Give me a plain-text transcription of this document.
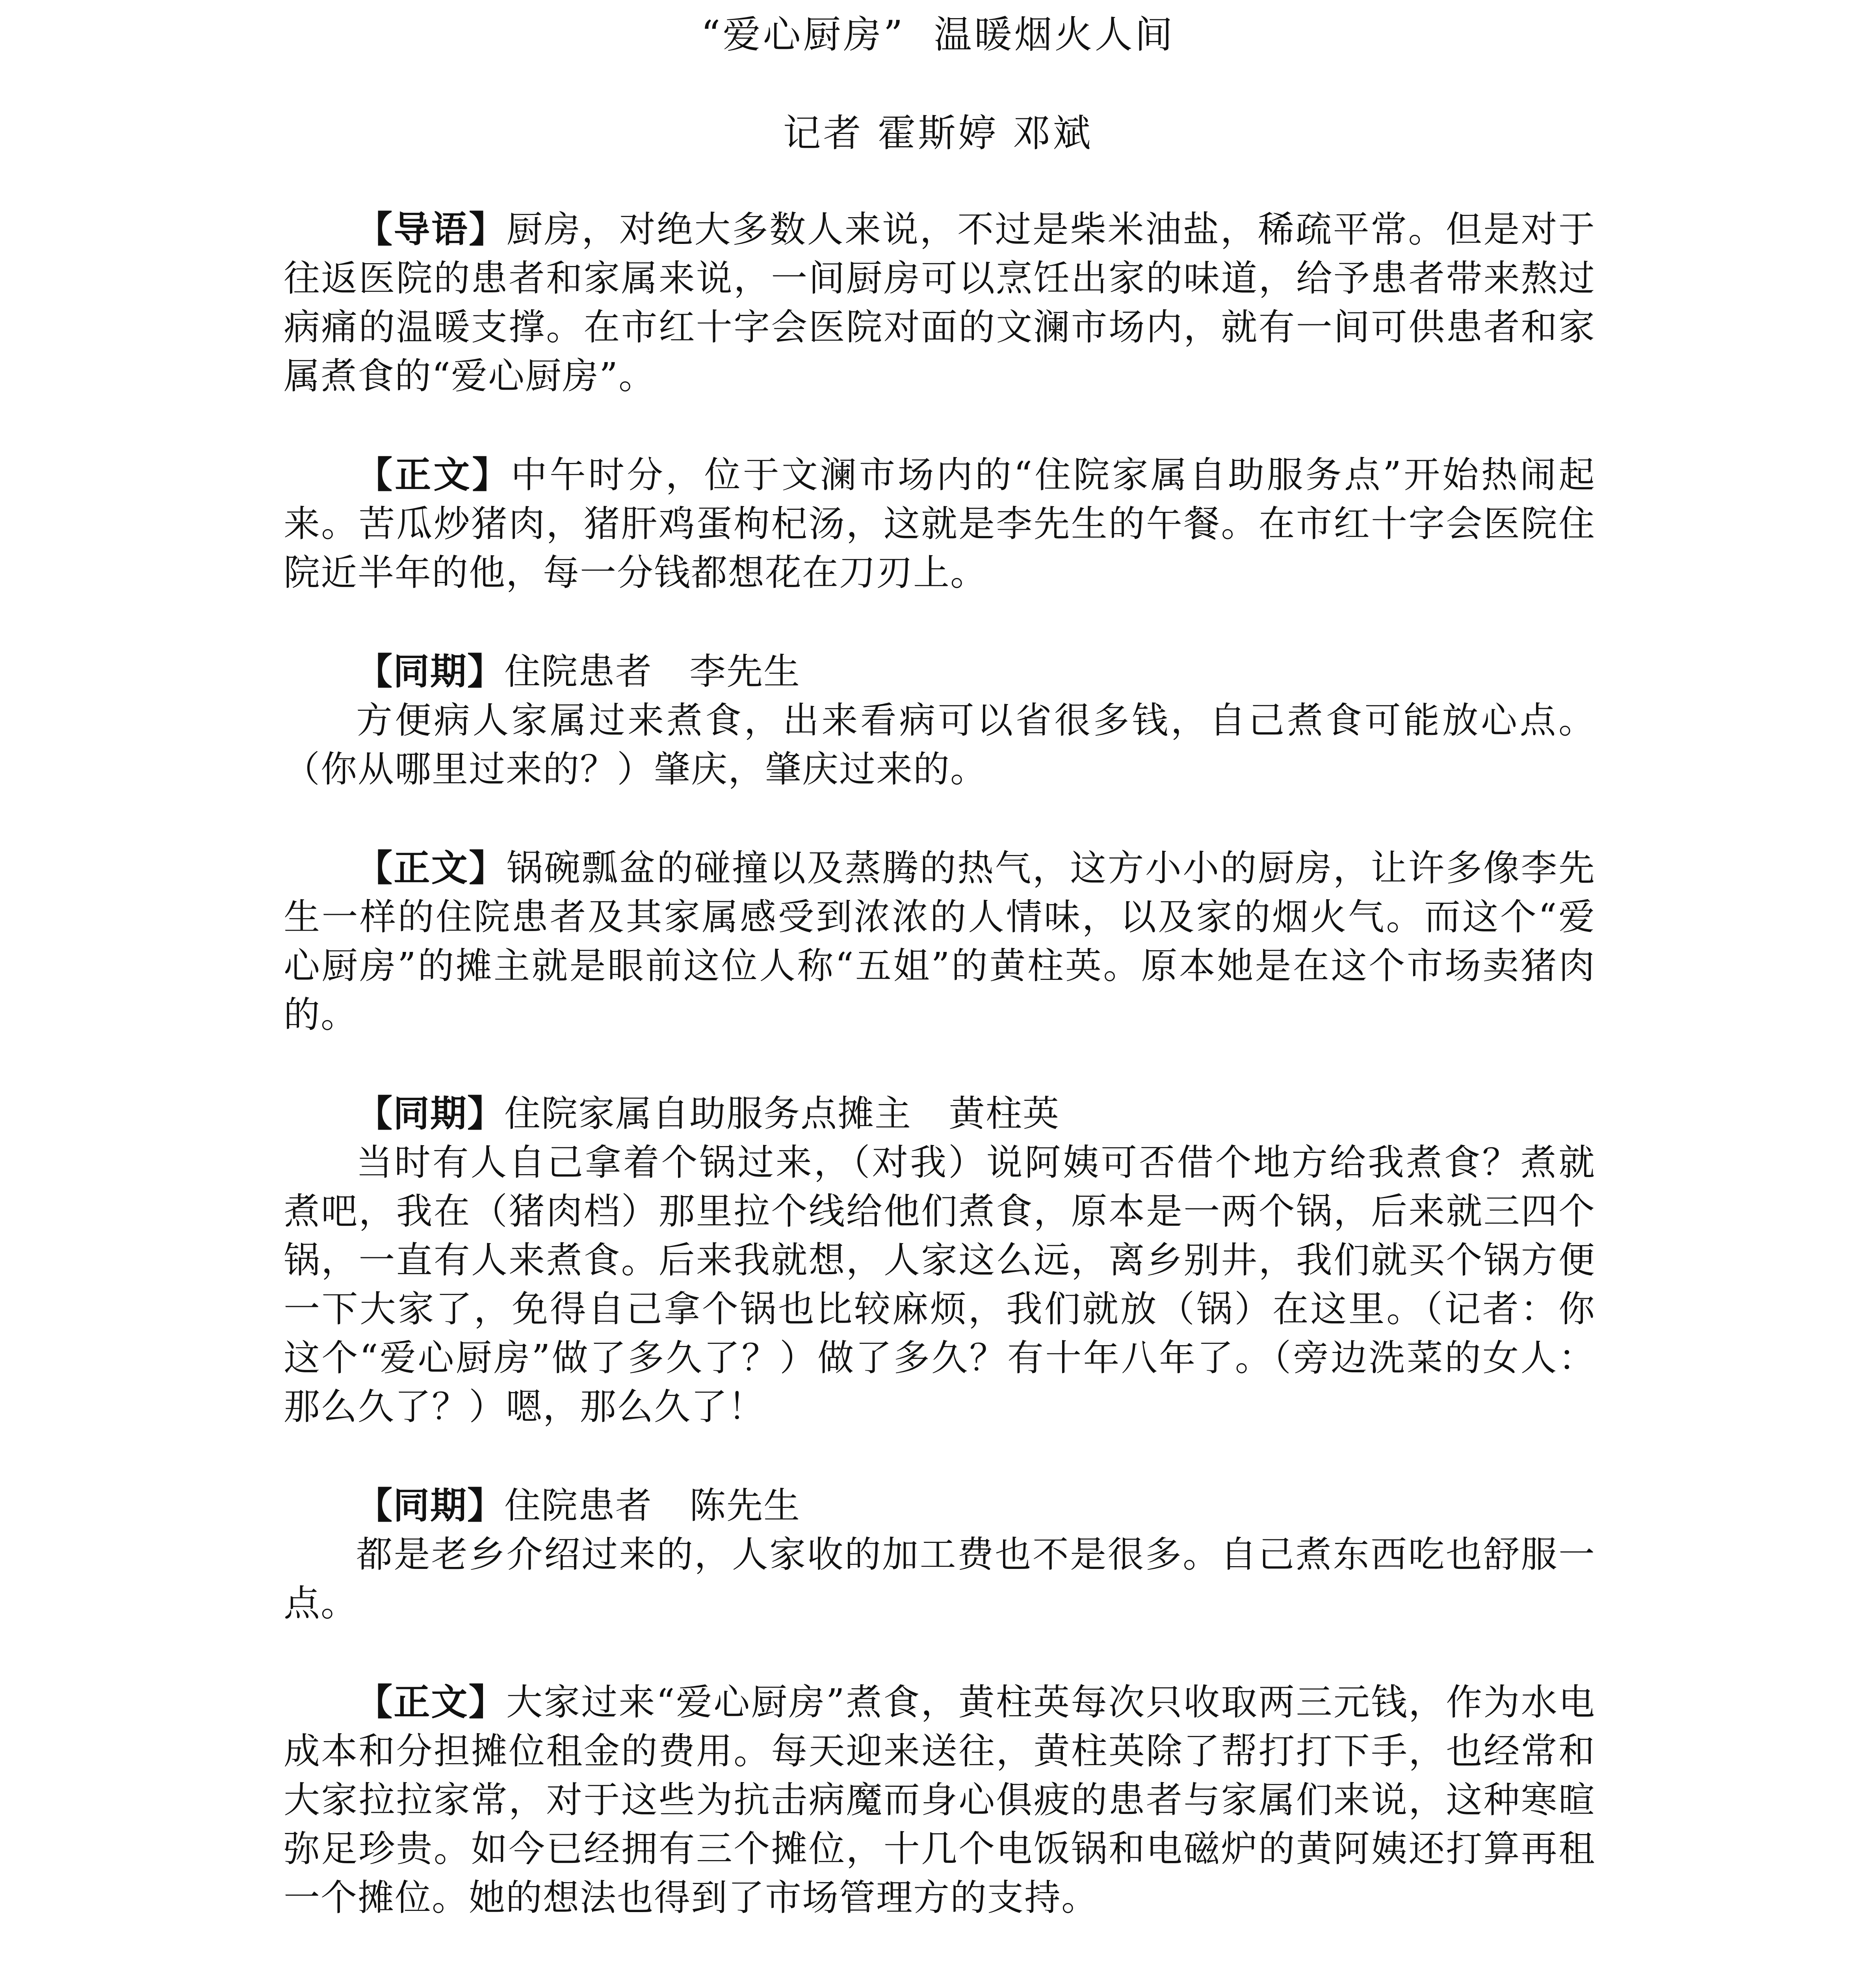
“爱心厨房”  温暖烟火人间
记者 霍斯婷 邓斌

【导语】厨房，对绝大多数人来说，不过是柴米油盐，稀疏平常。但是对于往返医院的患者和家属来说，一间厨房可以烹饪出家的味道，给予患者带来熬过病痛的温暖支撑。在市红十字会医院对面的文澜市场内，就有一间可供患者和家属煮食的“爱心厨房”。

【正文】中午时分，位于文澜市场内的“住院家属自助服务点”开始热闹起来。苦瓜炒猪肉，猪肝鸡蛋枸杞汤，这就是李先生的午餐。在市红十字会医院住院近半年的他，每一分钱都想花在刀刃上。

【同期】住院患者　李先生

方便病人家属过来煮食，出来看病可以省很多钱，自己煮食可能放心点。（你从哪里过来的？）肇庆，肇庆过来的。

【正文】锅碗瓢盆的碰撞以及蒸腾的热气，这方小小的厨房，让许多像李先生一样的住院患者及其家属感受到浓浓的人情味，以及家的烟火气。而这个“爱心厨房”的摊主就是眼前这位人称“五姐”的黄柱英。原本她是在这个市场卖猪肉的。

【同期】住院家属自助服务点摊主　黄柱英

当时有人自己拿着个锅过来，（对我）说阿姨可否借个地方给我煮食？煮就煮吧，我在（猪肉档）那里拉个线给他们煮食，原本是一两个锅，后来就三四个锅，一直有人来煮食。后来我就想，人家这么远，离乡别井，我们就买个锅方便一下大家了，免得自己拿个锅也比较麻烦，我们就放（锅）在这里。（记者：你这个“爱心厨房”做了多久了？）做了多久？有十年八年了。（旁边洗菜的女人：那么久了？）嗯，那么久了！

【同期】住院患者　陈先生

都是老乡介绍过来的，人家收的加工费也不是很多。自己煮东西吃也舒服一点。

【正文】大家过来“爱心厨房”煮食，黄柱英每次只收取两三元钱，作为水电成本和分担摊位租金的费用。每天迎来送往，黄柱英除了帮打打下手，也经常和大家拉拉家常，对于这些为抗击病魔而身心俱疲的患者与家属们来说，这种寒暄弥足珍贵。如今已经拥有三个摊位，十几个电饭锅和电磁炉的黄阿姨还打算再租一个摊位。她的想法也得到了市场管理方的支持。
